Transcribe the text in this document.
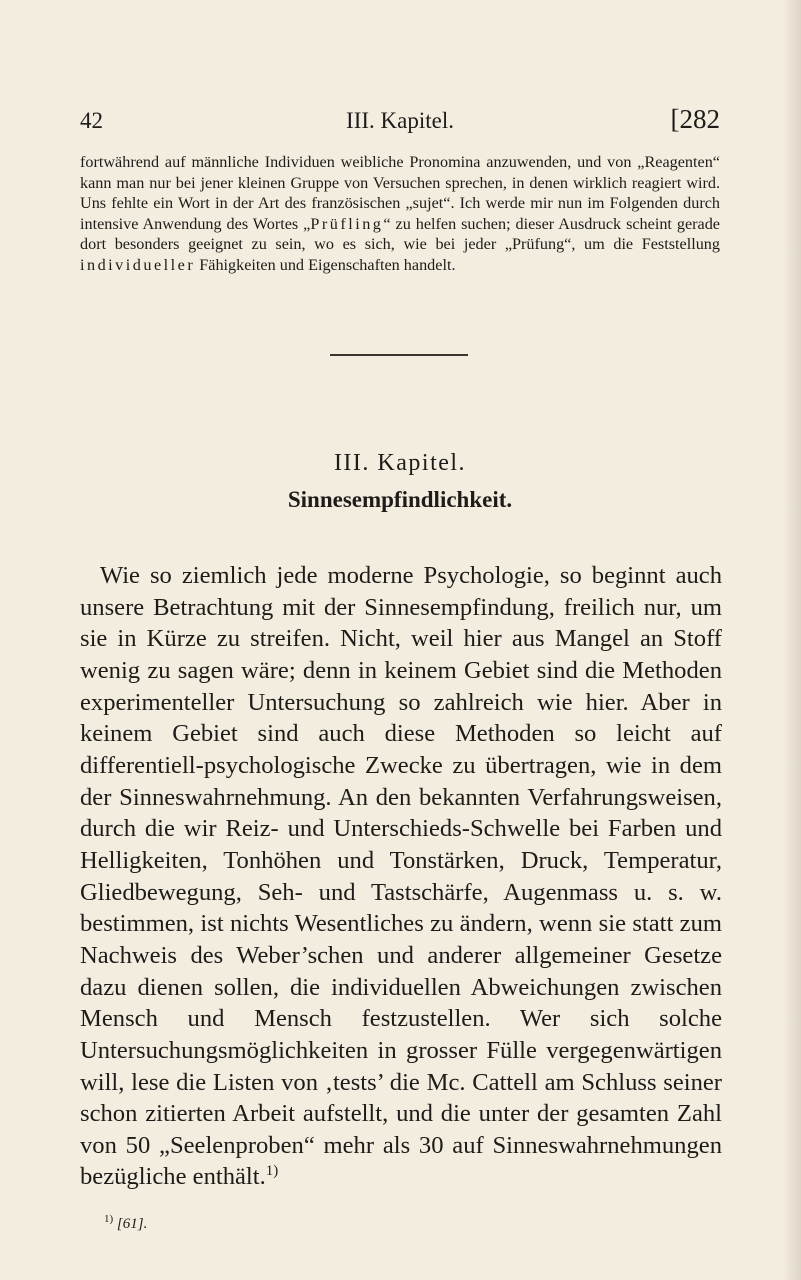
42	III. Kapitel.	[282

fortwährend auf männliche Individuen weibliche Pronomina anzuwenden, und von „Reagenten“ kann man nur bei jener kleinen Gruppe von Versuchen sprechen, in denen wirklich reagiert wird. Uns fehlte ein Wort in der Art des französischen „sujet“. Ich werde mir nun im Folgenden durch intensive Anwendung des Wortes „Prüfling“ zu helfen suchen; dieser Ausdruck scheint gerade dort besonders geeignet zu sein, wo es sich, wie bei jeder „Prüfung“, um die Feststellung individueller Fähigkeiten und Eigenschaften handelt.

III. Kapitel.
Sinnesempfindlichkeit.

Wie so ziemlich jede moderne Psychologie, so beginnt auch unsere Betrachtung mit der Sinnesempfindung, freilich nur, um sie in Kürze zu streifen. Nicht, weil hier aus Mangel an Stoff wenig zu sagen wäre; denn in keinem Gebiet sind die Methoden experimenteller Untersuchung so zahlreich wie hier. Aber in keinem Gebiet sind auch diese Methoden so leicht auf differentiell-psychologische Zwecke zu übertragen, wie in dem der Sinneswahrnehmung. An den bekannten Verfahrungsweisen, durch die wir Reiz- und Unterschieds-Schwelle bei Farben und Helligkeiten, Tonhöhen und Tonstärken, Druck, Temperatur, Gliedbewegung, Seh- und Tastschärfe, Augenmass u. s. w. bestimmen, ist nichts Wesentliches zu ändern, wenn sie statt zum Nachweis des Weber’schen und anderer allgemeiner Gesetze dazu dienen sollen, die individuellen Abweichungen zwischen Mensch und Mensch festzustellen. Wer sich solche Untersuchungsmöglichkeiten in grosser Fülle vergegenwärtigen will, lese die Listen von ‚tests’ die Mc. Cattell am Schluss seiner schon zitierten Arbeit aufstellt, und die unter der gesamten Zahl von 50 „Seelenproben“ mehr als 30 auf Sinneswahrnehmungen bezügliche enthält.$^{1)}$

$^{1)}$ [61].
